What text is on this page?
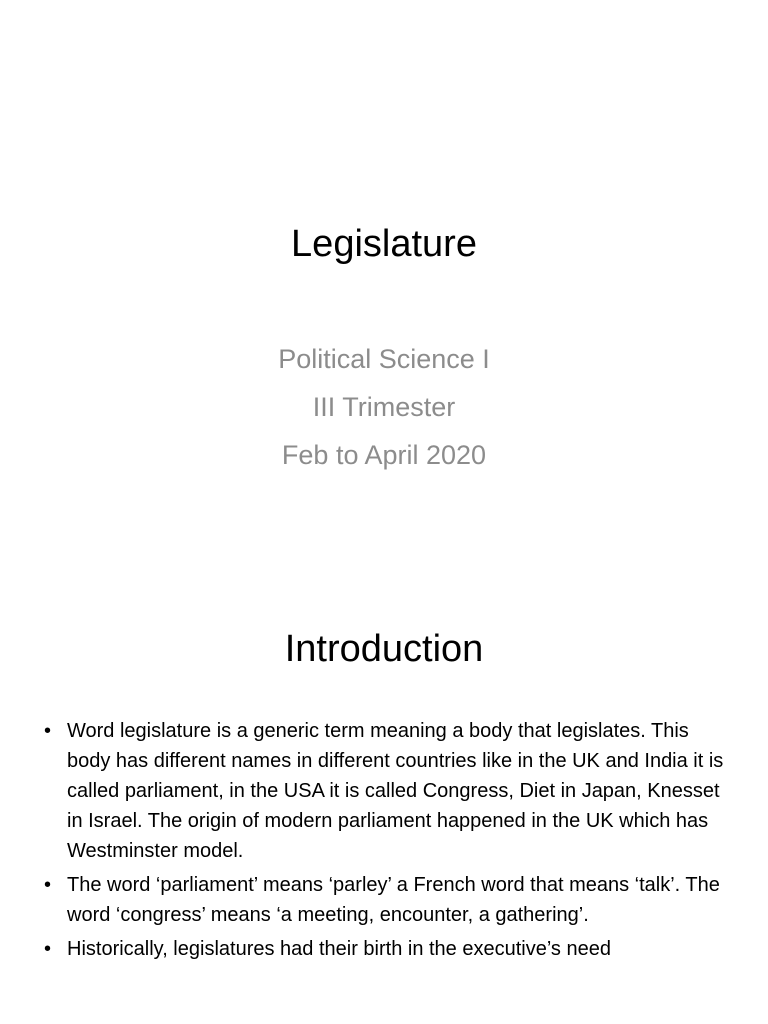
Legislature
Political Science I
III Trimester
Feb to April 2020
Introduction
• Word legislature is a generic term meaning a body that legislates. This body has different names in different countries like in the UK and India it is called parliament, in the USA it is called Congress, Diet in Japan, Knesset in Israel. The origin of modern parliament happened in the UK which has Westminster model.
• The word ‘parliament’ means ‘parley’ a French word that means ‘talk’. The word ‘congress’ means ‘a meeting, encounter, a gathering’.
• Historically, legislatures had their birth in the executive’s need
